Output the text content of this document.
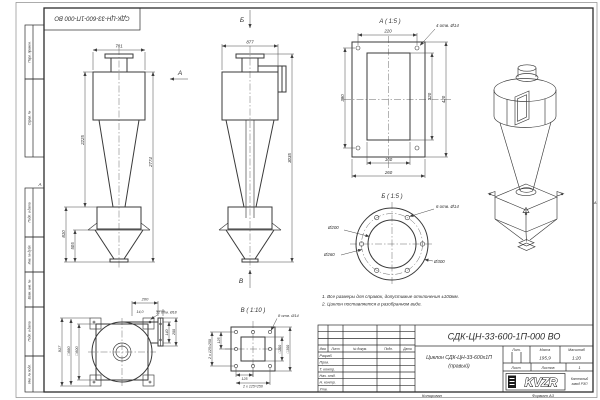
Перв. примен.
Справ. №
Подп. и дата
Инв. № дубл.
Взам. инв. №
Подп. и дата
Инв. № подл.
А
А
СДК-ЦН-33-600-1П-000 ВО
781
2225
2774
810
505
А
877
3035
Б
В
А ( 1:5 )
4 отв. Ø14
220
380	320 420
160
260
Б ( 1:5 )
6 отв. Ø14
Ø200
Ø260
Ø300
200
14,0	12 отв. Ø18
140 200
917 □680 □600
В ( 1:10 )
8 отв. Ø14
2 x 125=250 125
125
2 x 125=250
□200 □300
1. Все размеры для справок, допустимые отклонения ±100мм.
2. Циклон поставляется в разобранном виде.
СДК-ЦН-33-600-1П-000 ВО
Циклон СДК-ЦН-33-600х1П
(правый)
Изм.	Лист	№ докум.	Подп.	Дата
Разраб.
Пров.
Т. контр.
Нач. отд.
Н. контр.
Утв.
Лит.	Масса	Масштаб
195,9	1:20
Лист	Листов	1
KVZR	Котельный
завод РЭП
Копировал	Формат А3
